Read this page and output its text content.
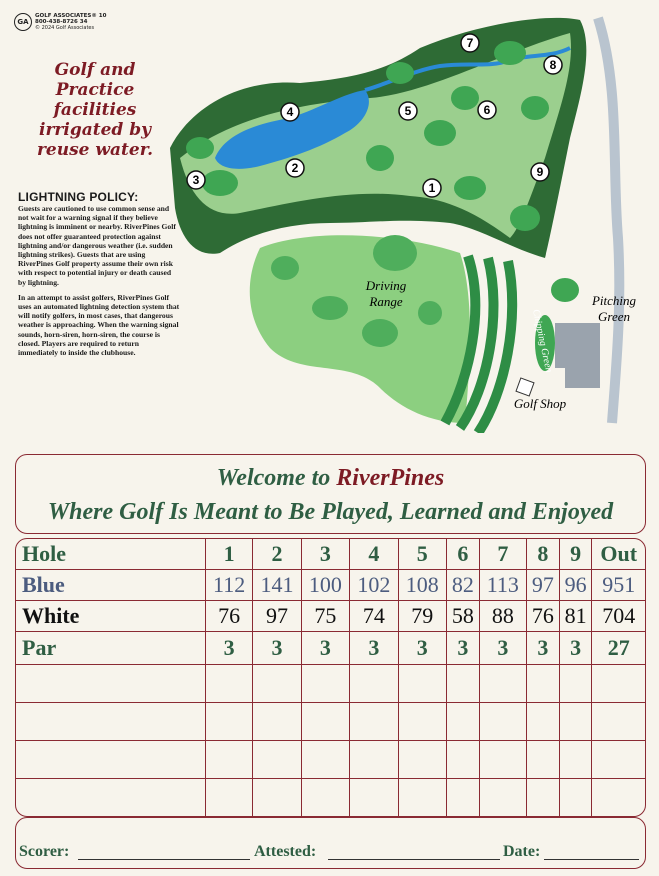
GA
GOLF ASSOCIATES® 10
800-438-8726 34
© 2024 Golf Associates
Golf and
Practice
facilities
irrigated by
reuse water.
LIGHTNING POLICY:

Guests are cautioned to use common sense and not wait for a warning signal if they believe lightning is imminent or nearby. RiverPines Golf does not offer guaranteed protection against lightning and/or dangerous weather (i.e. sudden lightning strikes). Guests that are using RiverPines Golf property assume their own risk with respect to potential injury or death caused by lightning.

In an attempt to assist golfers, RiverPines Golf uses an automated lightning detection system that will notify golfers, in most cases, that dangerous weather is approaching. When the warning signal sounds, horn-siren, horn-siren, the course is closed. Players are required to return immediately to inside the clubhouse.

1
2
3
4	5	6
7
8
9
Driving
Range	Pitching
Green
Golf Shop
Chipping Green
Welcome to RiverPines
Where Golf Is Meant to Be Played, Learned and Enjoyed
Hole	1	2	3	4	5	6	7	8	9	Out
Blue	112	141	100	102	108	82	113	97	96	951
White	76	97	75	74	79	58	88	76	81	704
Par	3	3	3	3	3	3	3	3	3	27

Scorer:	Attested:	Date:
